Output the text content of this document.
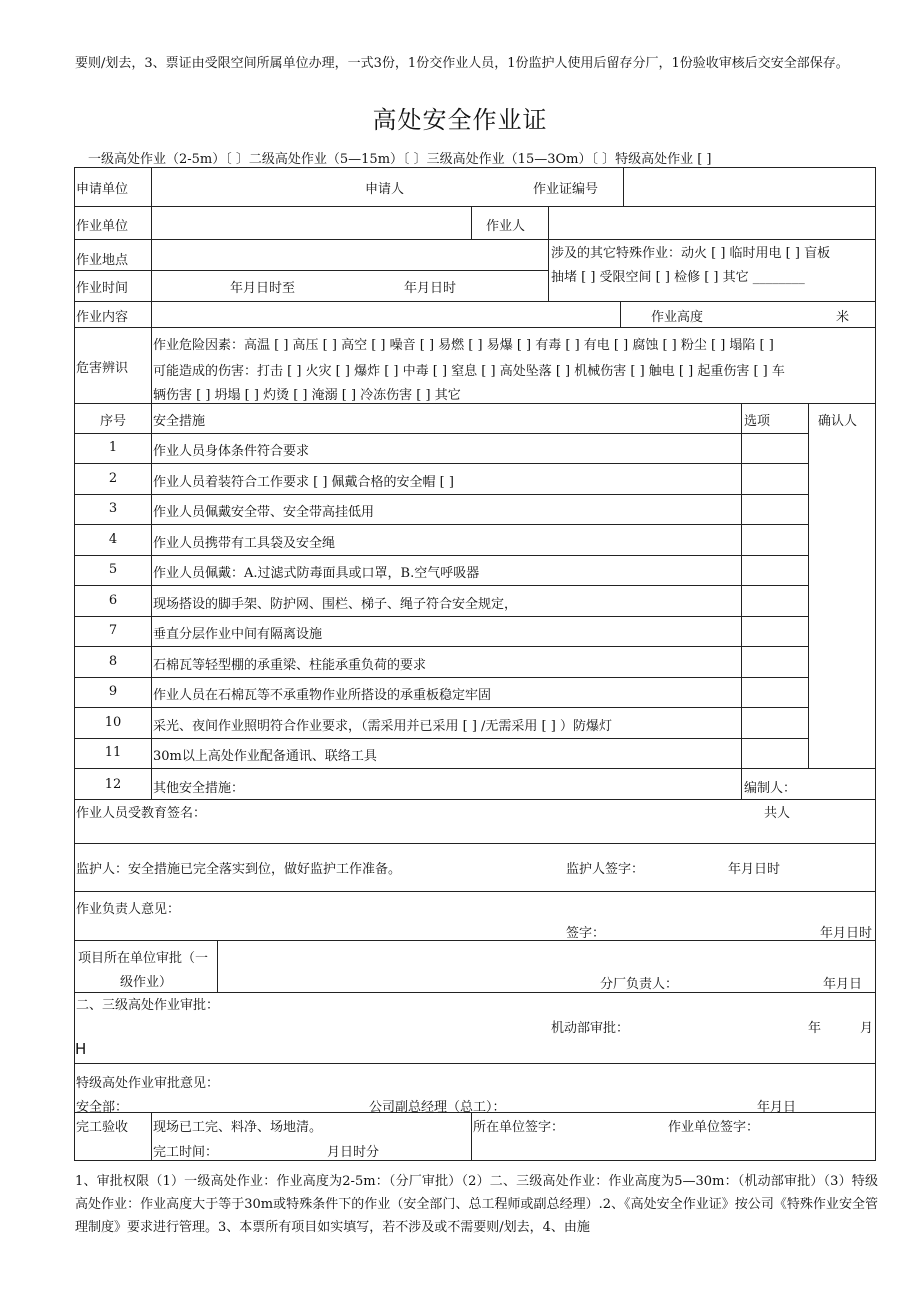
要则/划去，3、票证由受限空间所属单位办理，一式3份，1份交作业人员，1份监护人使用后留存分厂，1份验收审核后交安全部保存。
高处安全作业证
一级高处作业（2-5m）〔 〕二级高处作业（5—15m）〔 〕三级高处作业（15—3Om）〔 〕特级高处作业 [ ]
申请单位	申请人	作业证编号
作业单位	作业人
作业地点	涉及的其它特殊作业：动火 [ ] 临时用电 [ ] 盲板
抽堵 [ ] 受限空间 [ ] 检修 [ ] 其它 ________
作业时间	年月日时至	年月日时
作业内容	作业高度	米
危害辨识
作业危险因素：高温 [ ] 高压 [ ] 高空 [ ] 噪音 [ ] 易燃 [ ] 易爆 [ ] 有毒 [ ] 有电 [ ] 腐蚀 [ ] 粉尘 [ ] 塌陷 [ ]
可能造成的伤害：打击 [ ] 火灾 [ ] 爆炸 [ ] 中毒 [ ] 窒息 [ ] 高处坠落 [ ] 机械伤害 [ ] 触电 [ ] 起重伤害 [ ] 车
辆伤害 [ ] 坍塌 [ ] 灼烫 [ ] 淹溺 [ ] 冷冻伤害 [ ] 其它
序号	安全措施	选项	确认人
1	作业人员身体条件符合要求
2	作业人员着装符合工作要求 [ ] 佩戴合格的安全帽 [ ]
3	作业人员佩戴安全带、安全带高挂低用
4	作业人员携带有工具袋及安全绳
5	作业人员佩戴：A.过滤式防毒面具或口罩，B.空气呼吸器
6	现场搭设的脚手架、防护网、围栏、梯子、绳子符合安全规定，
7	垂直分层作业中间有隔离设施
8	石棉瓦等轻型棚的承重梁、柱能承重负荷的要求
9	作业人员在石棉瓦等不承重物作业所搭设的承重板稳定牢固
10	采光、夜间作业照明符合作业要求，（需采用并已采用 [ ] /无需采用 [ ] ）防爆灯
11	30m以上高处作业配备通讯、联络工具
12	其他安全措施：	编制人：
作业人员受教育签名：	共人
监护人：安全措施已完全落实到位，做好监护工作准备。	监护人签字：	年月日时
作业负责人意见：
签字：	年月日时
项目所在单位审批（一
级作业）	分厂负责人：	年月日
二、三级高处作业审批：
机动部审批：	年	月
H
特级高处作业审批意见：
安全部：	公司副总经理（总工）：	年月日
完工验收 现场已工完、料净、场地清。
完工时间：	月日时分
所在单位签字：	作业单位签字：
1、审批权限（1）一级高处作业：作业高度为2-5m：（分厂审批）（2）二、三级高处作业：作业高度为5—30m：（机动部审批）（3）特级高处作业：作业高度大于等于30m或特殊条件下的作业（安全部门、总工程师或副总经理）.2、《高处安全作业证》按公司《特殊作业安全管理制度》要求进行管理。3、本票所有项目如实填写，若不涉及或不需要则/划去，4、由施
